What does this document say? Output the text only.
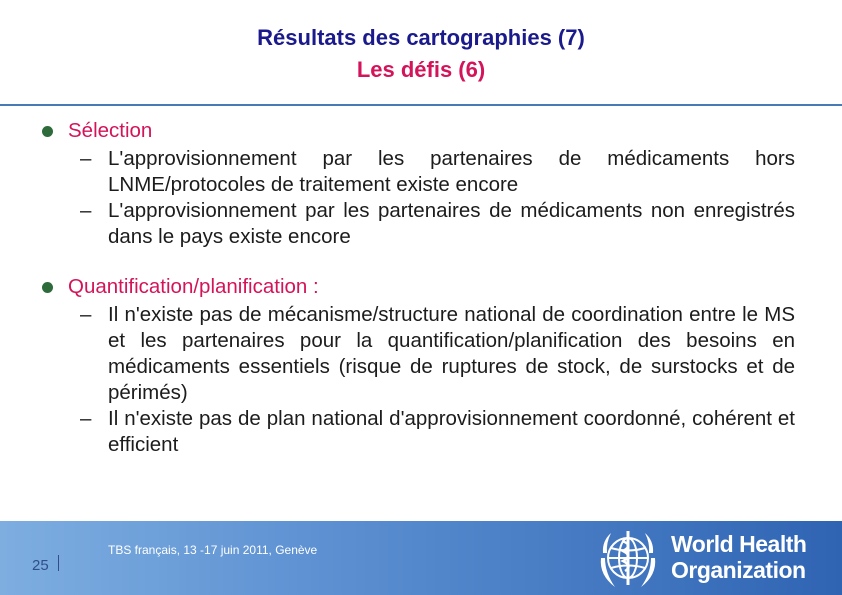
Résultats des cartographies (7)
Les défis (6)
Sélection
– L'approvisionnement par les partenaires de médicaments hors LNME/protocoles de traitement existe encore
– L'approvisionnement par les partenaires de médicaments non enregistrés dans le pays existe encore
Quantification/planification :
– Il n'existe pas de mécanisme/structure national de coordination entre le MS et les partenaires pour la quantification/planification des besoins en médicaments essentiels (risque de ruptures de stock, de surstocks et de périmés)
– Il n'existe pas de plan national d'approvisionnement coordonné, cohérent et efficient
25
TBS français, 13 -17 juin 2011, Genève	World Health
Organization
